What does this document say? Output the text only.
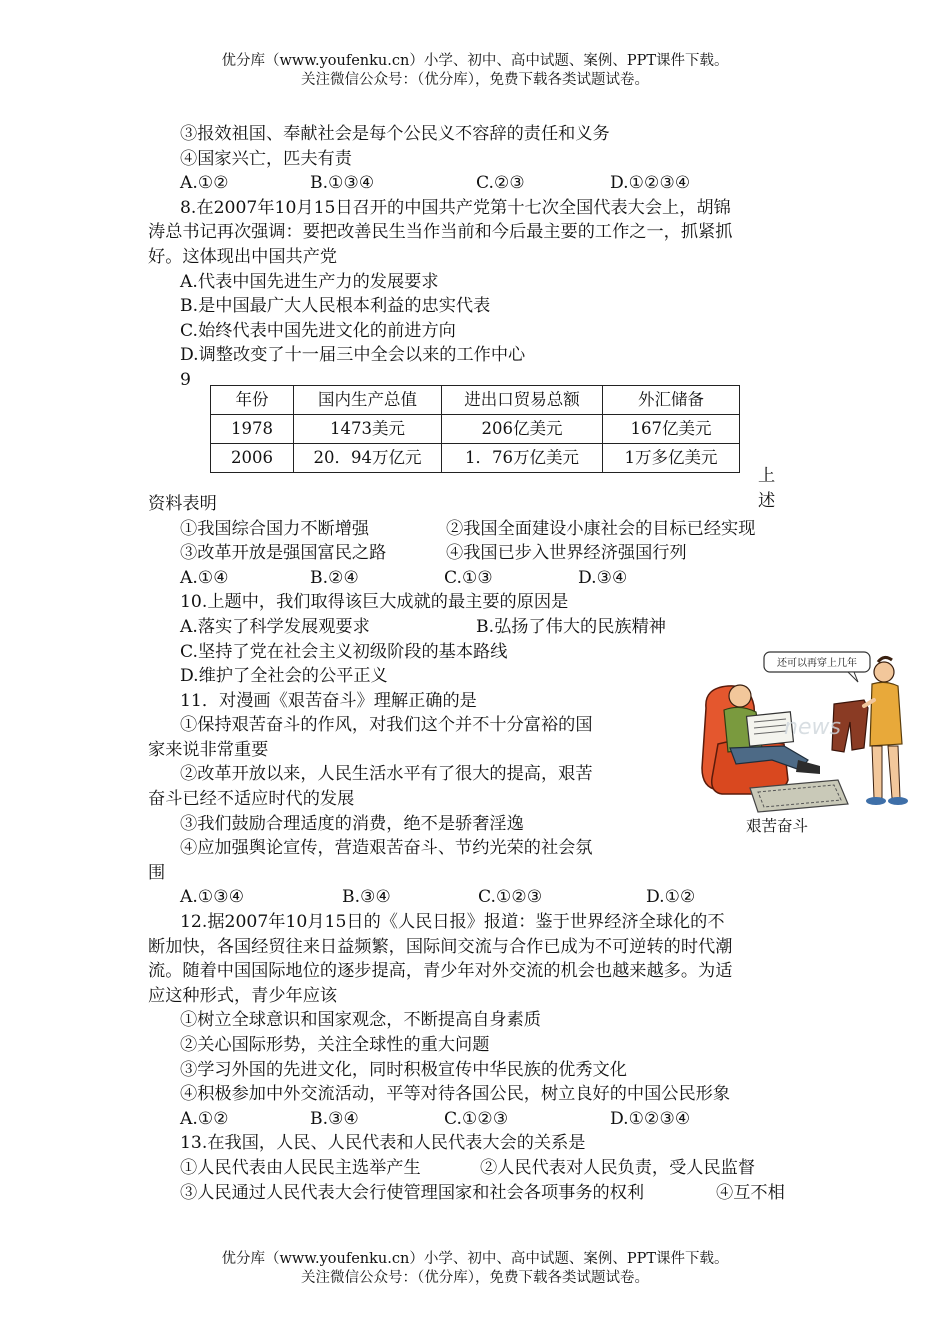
优分库（www.youfenku.cn）小学、初中、高中试题、案例、PPT课件下载。
关注微信公众号：（优分库），免费下载各类试题试卷。
③报效祖国、奉献社会是每个公民义不容辞的责任和义务
④国家兴亡，匹夫有责
A.①②	B.①③④	C.②③	D.①②③④
8.在2007年10月15日召开的中国共产党第十七次全国代表大会上，胡锦
涛总书记再次强调：要把改善民生当作当前和今后最主要的工作之一，抓紧抓
好。这体现出中国共产党
A.代表中国先进生产力的发展要求
B.是中国最广大人民根本利益的忠实代表
C.始终代表中国先进文化的前进方向
D.调整改变了十一届三中全会以来的工作中心
9
年份	国内生产总值	进出口贸易总额	外汇储备
1978	1473美元	206亿美元	167亿美元
2006	20．94万亿元	1．76万亿美元	1万多亿美元
上述
资料表明
①我国综合国力不断增强	②我国全面建设小康社会的目标已经实现
③改革开放是强国富民之路	④我国已步入世界经济强国行列
A.①④	B.②④	C.①③	D.③④
10.上题中，我们取得该巨大成就的最主要的原因是
A.落实了科学发展观要求	B.弘扬了伟大的民族精神
C.坚持了党在社会主义初级阶段的基本路线
D.维护了全社会的公平正义
11．对漫画《艰苦奋斗》理解正确的是
①保持艰苦奋斗的作风，对我们这个并不十分富裕的国
家来说非常重要
②改革开放以来，人民生活水平有了很大的提高，艰苦
奋斗已经不适应时代的发展
③我们鼓励合理适度的消费，绝不是骄奢淫逸
④应加强舆论宣传，营造艰苦奋斗、节约光荣的社会氛
围
A.①③④	B.③④	C.①②③	D.①②
12.据2007年10月15日的《人民日报》报道：鉴于世界经济全球化的不
断加快，各国经贸往来日益频繁，国际间交流与合作已成为不可逆转的时代潮
流。随着中国国际地位的逐步提高，青少年对外交流的机会也越来越多。为适
应这种形式，青少年应该
①树立全球意识和国家观念，不断提高自身素质
②关心国际形势，关注全球性的重大问题
③学习外国的先进文化，同时积极宣传中华民族的优秀文化
④积极参加中外交流活动，平等对待各国公民，树立良好的中国公民形象
A.①②	B.③④	C.①②③	D.①②③④
13.在我国，人民、人民代表和人民代表大会的关系是
①人民代表由人民民主选举产生	②人民代表对人民负责，受人民监督
③人民通过人民代表大会行使管理国家和社会各项事务的权利	④互不相
还可以再穿上几年
news
艰苦奋斗
优分库（www.youfenku.cn）小学、初中、高中试题、案例、PPT课件下载。
关注微信公众号：（优分库），免费下载各类试题试卷。
